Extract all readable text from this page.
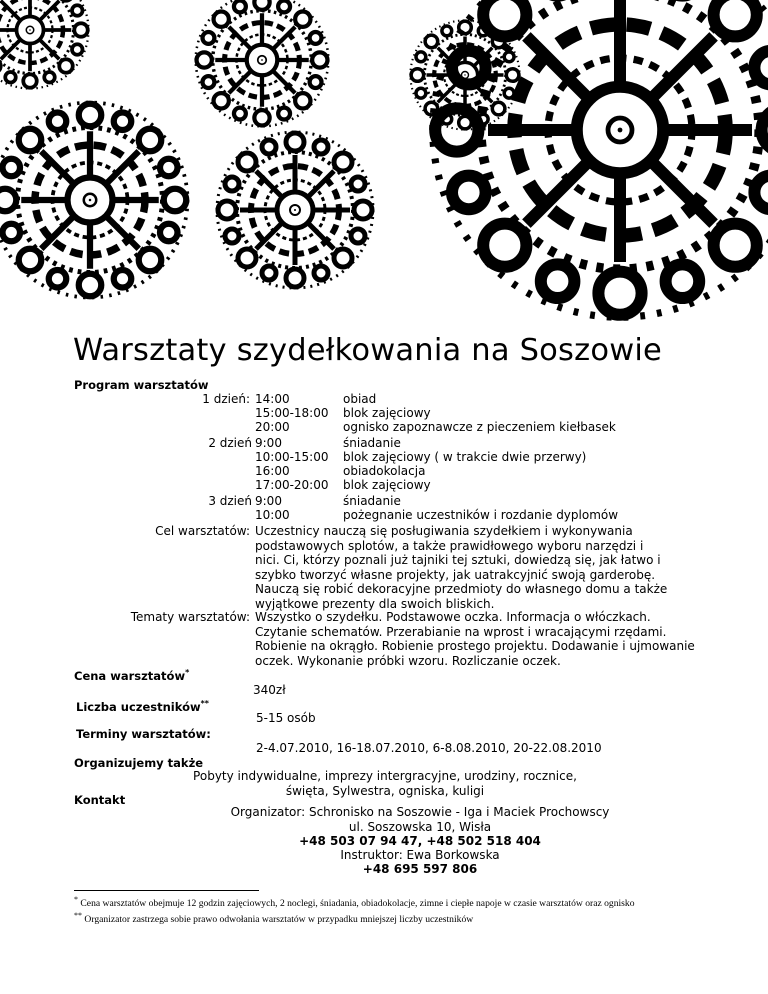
Warsztaty szydełkowania na Soszowie
Program warsztatów
1 dzień: 14:00	obiad
15:00-18:00 blok zajęciowy
20:00	ognisko zapoznawcze z pieczeniem kiełbasek
2 dzień 9:00	śniadanie
10:00-15:00 blok zajęciowy ( w trakcie dwie przerwy)
16:00	obiadokolacja
17:00-20:00 blok zajęciowy
3 dzień 9:00	śniadanie
10:00	pożegnanie uczestników i rozdanie dyplomów
Cel warsztatów: Uczestnicy nauczą się posługiwania szydełkiem i wykonywania podstawowych splotów, a także prawidłowego wyboru narzędzi i nici. Ci, którzy poznali już tajniki tej sztuki, dowiedzą się, jak łatwo i szybko tworzyć własne projekty, jak uatrakcyjnić swoją garderobę. Nauczą się robić dekoracyjne przedmioty do własnego domu a także wyjątkowe prezenty dla swoich bliskich.
Tematy warsztatów: Wszystko o szydełku. Podstawowe oczka. Informacja o włóczkach. Czytanie schematów. Przerabianie na wprost i wracającymi rzędami. Robienie na okrągło. Robienie prostego projektu. Dodawanie i ujmowanie oczek. Wykonanie próbki wzoru. Rozliczanie oczek.
Cena warsztatów*
340zł
Liczba uczestników**
5-15 osób
Terminy warsztatów:
2-4.07.2010, 16-18.07.2010, 6-8.08.2010, 20-22.08.2010
Organizujemy także
Pobyty indywidualne, imprezy intergracyjne, urodziny, rocznice,
święta, Sylwestra, ogniska, kuligi
Kontakt
Organizator: Schronisko na Soszowie - Iga i Maciek Prochowscy
ul. Soszowska 10, Wisła
+48 503 07 94 47, +48 502 518 404
Instruktor: Ewa Borkowska
+48 695 597 806
* Cena warsztatów obejmuje 12 godzin zajęciowych, 2 noclegi, śniadania, obiadokolacje, zimne i ciepłe napoje w czasie warsztatów oraz ognisko
** Organizator zastrzega sobie prawo odwołania warsztatów w przypadku mniejszej liczby uczestników
